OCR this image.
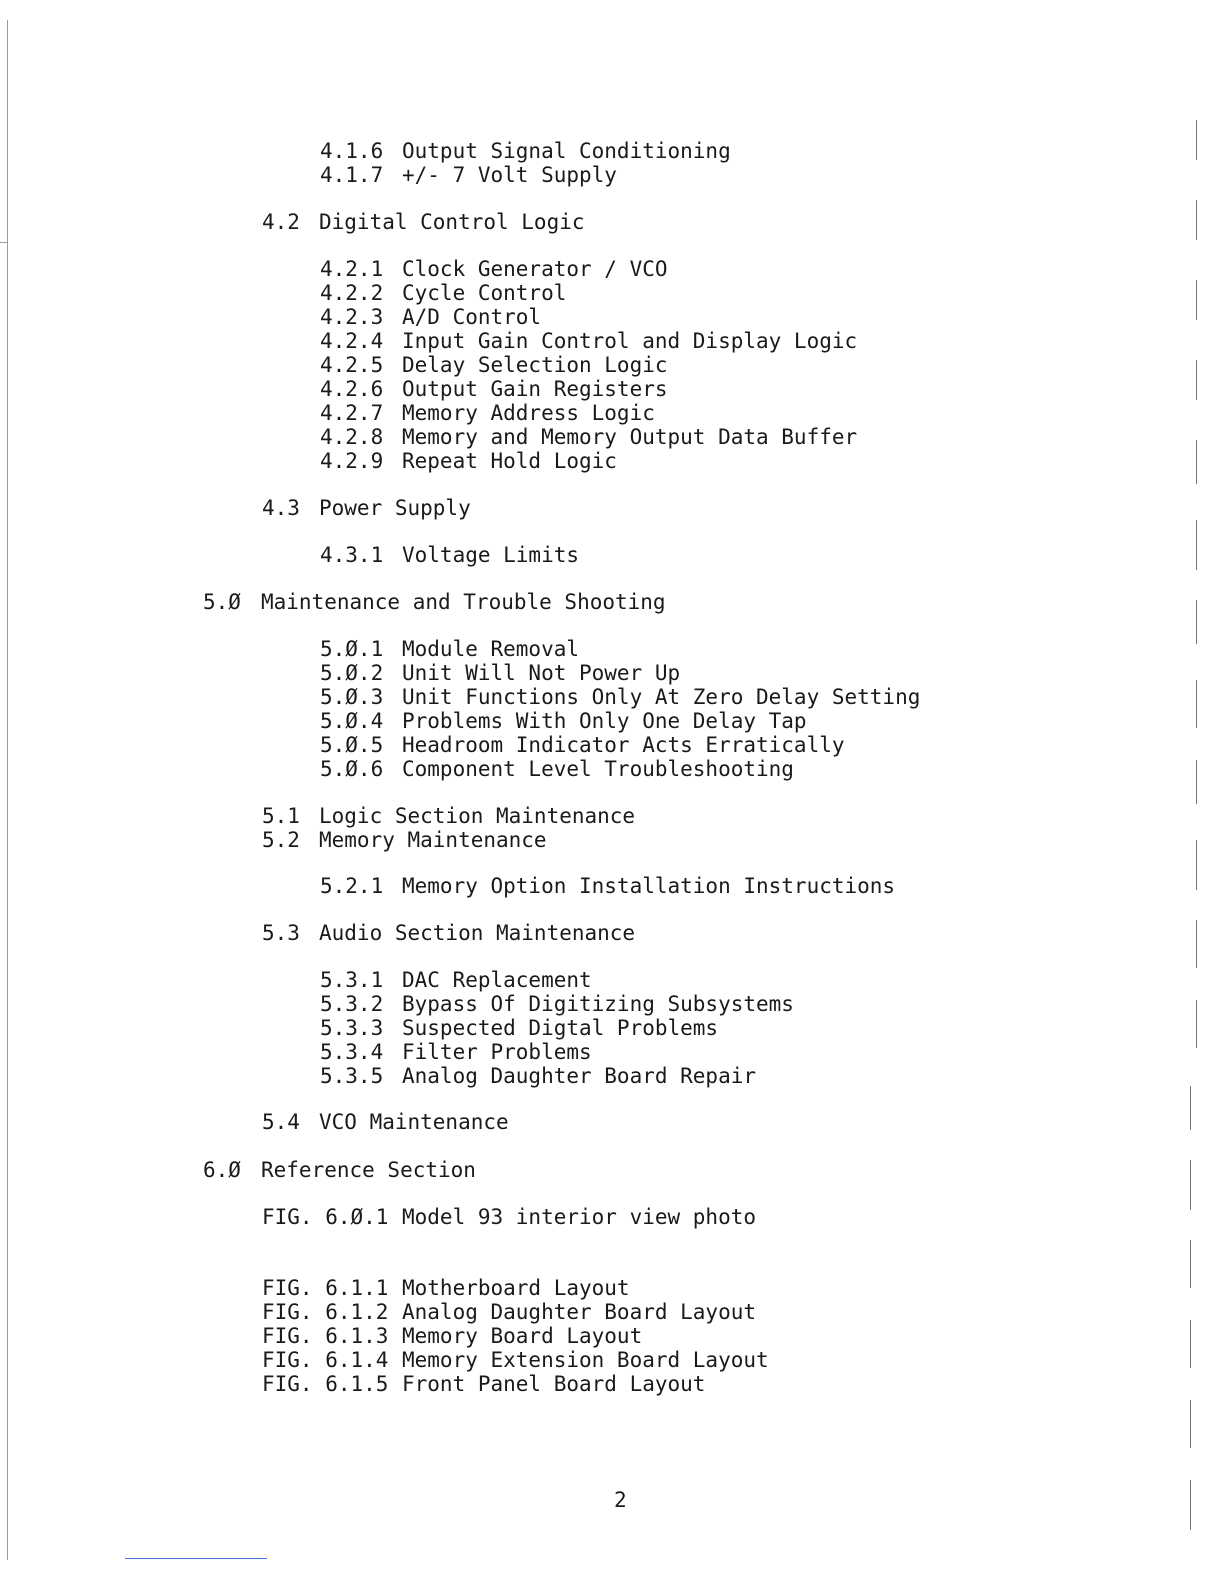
4.1.6

Output Signal Conditioning

4.1.7

+/- 7 Volt Supply

4.2

Digital Control Logic

4.2.1

Clock Generator / VCO

4.2.2

Cycle Control

4.2.3

A/D Control

4.2.4

Input Gain Control and Display Logic

4.2.5

Delay Selection Logic

4.2.6

Output Gain Registers

4.2.7

Memory Address Logic

4.2.8

Memory and Memory Output Data Buffer

4.2.9

Repeat Hold Logic

4.3

Power Supply

4.3.1

Voltage Limits

5.Ø

Maintenance and Trouble Shooting

5.Ø.1

Module Removal

5.Ø.2

Unit Will Not Power Up

5.Ø.3

Unit Functions Only At Zero Delay Setting

5.Ø.4

Problems With Only One Delay Tap

5.Ø.5

Headroom Indicator Acts Erratically

5.Ø.6

Component Level Troubleshooting

5.1

Logic Section Maintenance

5.2

Memory Maintenance

5.2.1

Memory Option Installation Instructions

5.3

Audio Section Maintenance

5.3.1

DAC Replacement

5.3.2

Bypass Of Digitizing Subsystems

5.3.3

Suspected Digtal Problems

5.3.4

Filter Problems

5.3.5

Analog Daughter Board Repair

5.4

VCO Maintenance

6.Ø

Reference Section

FIG. 6.Ø.1

Model 93 interior view photo

FIG. 6.1.1

Motherboard Layout

FIG. 6.1.2

Analog Daughter Board Layout

FIG. 6.1.3

Memory Board Layout

FIG. 6.1.4

Memory Extension Board Layout

FIG. 6.1.5

Front Panel Board Layout

2
